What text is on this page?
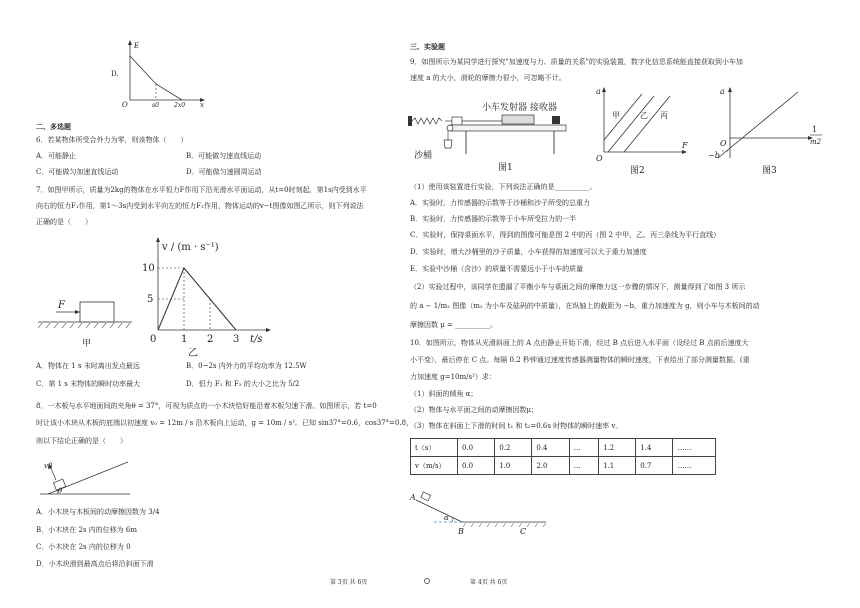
E
D.
O	s0	2x0 x
二、多选题
6．若某物体所受合外力为零，则该物体（　　）
A．可能静止	B．可能做匀速直线运动
C．可能做匀加速直线运动	D．可能做匀速圆周运动
7．如图甲所示，质量为2kg的物体在水平恒力F作用下沿光滑水平面运动，从t=0时刻起，第1s内受到水平
向右的恒力F₁作用，第1～3s内受到水平向左的恒力F₂作用，物体运动的v−t图像如图乙所示，则下列说法
正确的是（　　）
F
甲
v / (m · s⁻¹)
10
5
0 1 2 3 t/s
乙
A．物体在 1 s 末时离出发点最远	B．0~2s 内外力的平均功率为 12.5W
C．第 1 s 末物体的瞬时功率最大	D．恒力 F₁ 和 F₂ 的大小之比为 5/2
8．一木板与水平地面间的夹角θ = 37°，可视为质点的一小木块恰好能沿着木板匀速下滑。如图所示，若 t=0
时让该小木块从木板的底端以初速度 v₀ = 12m / s 沿木板向上运动，g = 10m / s²。已知 sin37°=0.6，cos37°=0.8，
则以下结论正确的是（　　）
v0
θ
A．小木块与木板间的动摩擦因数为 3/4
B．小木块在 2s 内的位移为 6m
C．小木块在 2s 内的位移为 0
D．小木块滑到最高点后将沿斜面下滑
第 3页 共 6页
三、实验题
9．如图所示为某同学进行探究"加速度与力、质量的关系"的实验装置，数字化信息系统能直接获取到小车加
速度 a 的大小，滑轮的摩擦力很小，可忽略不计。
小车发射器 接收器
沙桶
图1
a
F
O
甲	乙 丙
图2
a
1
m2
O
−b
图3
（1）使用该装置进行实验，下列说法正确的是__________。
A．实验时，力传感器的示数等于沙桶和沙子所受的总重力
B．实验时，力传感器的示数等于小车所受拉力的一半
C．实验时，保持桌面水平，得到的图像可能是图 2 中的丙（图 2 中甲、乙、丙三条线为平行直线）
D．实验时，增大沙桶里的沙子质量，小车获得的加速度可以大于重力加速度
E．实验中沙桶（含沙）的质量不需要远小于小车的质量
（2）实验过程中，该同学在遗漏了平衡小车与桌面之间的摩擦力这一步骤的情况下，测量得到了如图 3 所示
的 a − 1/m₂ 图像（m₂ 为小车及砝码的中质量），在纵轴上的截距为 −b，重力加速度为 g，则小车与木板间的动
摩擦因数 μ = __________。
10．如图所示，物体从光滑斜面上的 A 点由静止开始下滑，经过 B 点后进入水平面（设经过 B 点前后速度大
小不变），最后停在 C 点。每隔 0.2 秒钟通过速度传感器测量物体的瞬时速度，下表给出了部分测量数据。(重
力加速度 g=10m/s²）求：
（1）斜面的倾角 α；
（2）物体与水平面之间的动摩擦因数μ；
（3）物体在斜面上下滑的时间 t₁ 和 t₂=0.6s 时物体的瞬时速率 v。
t（s）	0.0	0.2	0.4	…	1.2	1.4	……
v（m/s）	0.0	1.0	2.0	…	1.1	0.7	……
A
α
B	C
第 4页 共 6页
